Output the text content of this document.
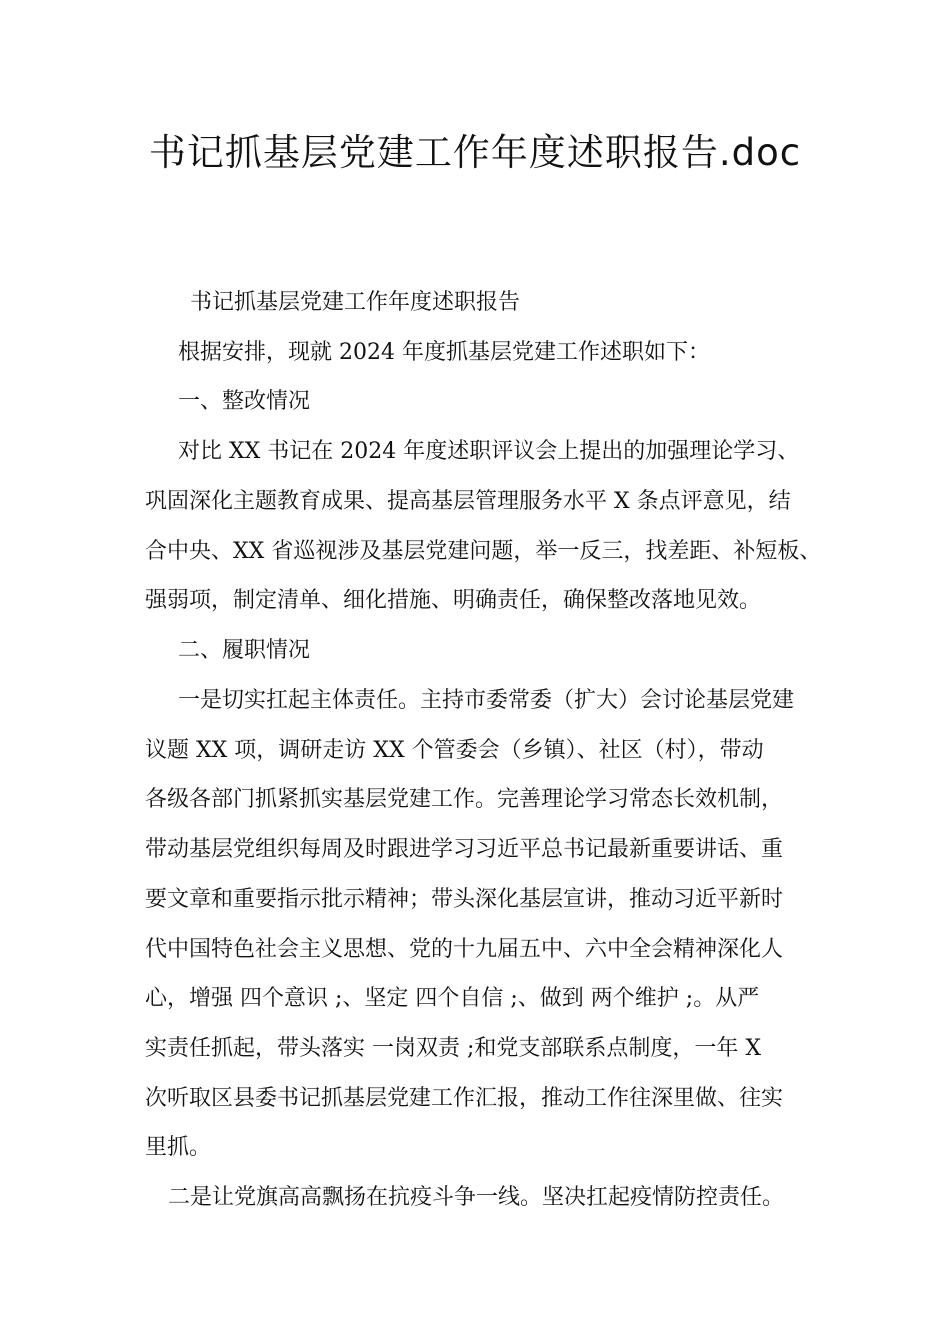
书记抓基层党建工作年度述职报告.doc
书记抓基层党建工作年度述职报告
根据安排，现就 2024 年度抓基层党建工作述职如下：
一、整改情况
对比 XX 书记在 2024 年度述职评议会上提出的加强理论学习、
巩固深化主题教育成果、提高基层管理服务水平 X 条点评意见，结
合中央、XX 省巡视涉及基层党建问题，举一反三，找差距、补短板、
强弱项，制定清单、细化措施、明确责任，确保整改落地见效。
二、履职情况
一是切实扛起主体责任。主持市委常委（扩大）会讨论基层党建
议题 XX 项，调研走访 XX 个管委会（乡镇）、社区（村），带动
各级各部门抓紧抓实基层党建工作。完善理论学习常态长效机制，
带动基层党组织每周及时跟进学习习近平总书记最新重要讲话、重
要文章和重要指示批示精神；带头深化基层宣讲，推动习近平新时
代中国特色社会主义思想、党的十九届五中、六中全会精神深化人
心，增强 四个意识 ;、坚定 四个自信 ;、做到 两个维护 ;。从严
实责任抓起，带头落实 一岗双责 ;和党支部联系点制度，一年 X
次听取区县委书记抓基层党建工作汇报，推动工作往深里做、往实
里抓。
二是让党旗高高飘扬在抗疫斗争一线。坚决扛起疫情防控责任。
